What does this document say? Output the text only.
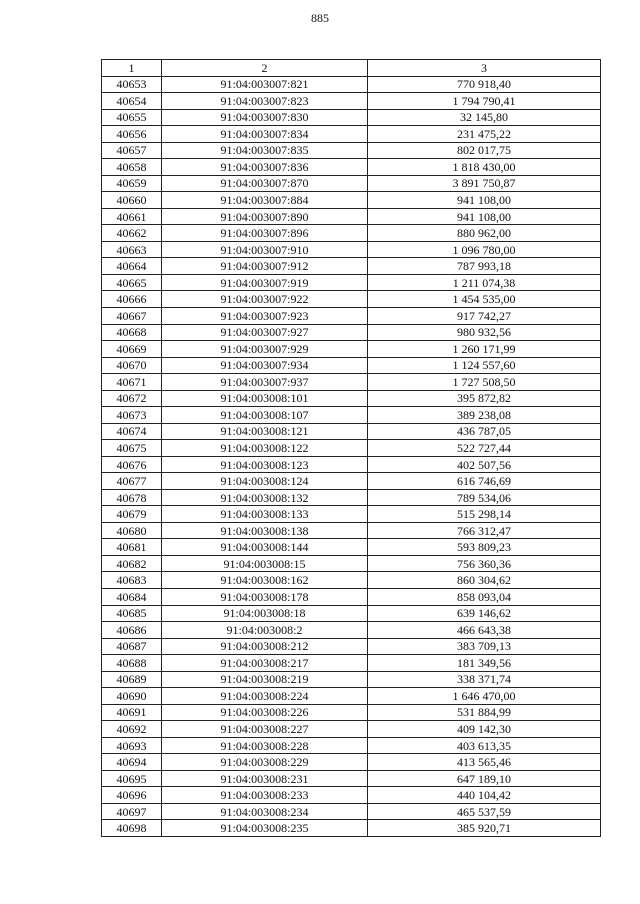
885
1	2	3
40653	91:04:003007:821	770 918,40
40654	91:04:003007:823	1 794 790,41
40655	91:04:003007:830	32 145,80
40656	91:04:003007:834	231 475,22
40657	91:04:003007:835	802 017,75
40658	91:04:003007:836	1 818 430,00
40659	91:04:003007:870	3 891 750,87
40660	91:04:003007:884	941 108,00
40661	91:04:003007:890	941 108,00
40662	91:04:003007:896	880 962,00
40663	91:04:003007:910	1 096 780,00
40664	91:04:003007:912	787 993,18
40665	91:04:003007:919	1 211 074,38
40666	91:04:003007:922	1 454 535,00
40667	91:04:003007:923	917 742,27
40668	91:04:003007:927	980 932,56
40669	91:04:003007:929	1 260 171,99
40670	91:04:003007:934	1 124 557,60
40671	91:04:003007:937	1 727 508,50
40672	91:04:003008:101	395 872,82
40673	91:04:003008:107	389 238,08
40674	91:04:003008:121	436 787,05
40675	91:04:003008:122	522 727,44
40676	91:04:003008:123	402 507,56
40677	91:04:003008:124	616 746,69
40678	91:04:003008:132	789 534,06
40679	91:04:003008:133	515 298,14
40680	91:04:003008:138	766 312,47
40681	91:04:003008:144	593 809,23
40682	91:04:003008:15	756 360,36
40683	91:04:003008:162	860 304,62
40684	91:04:003008:178	858 093,04
40685	91:04:003008:18	639 146,62
40686	91:04:003008:2	466 643,38
40687	91:04:003008:212	383 709,13
40688	91:04:003008:217	181 349,56
40689	91:04:003008:219	338 371,74
40690	91:04:003008:224	1 646 470,00
40691	91:04:003008:226	531 884,99
40692	91:04:003008:227	409 142,30
40693	91:04:003008:228	403 613,35
40694	91:04:003008:229	413 565,46
40695	91:04:003008:231	647 189,10
40696	91:04:003008:233	440 104,42
40697	91:04:003008:234	465 537,59
40698	91:04:003008:235	385 920,71
